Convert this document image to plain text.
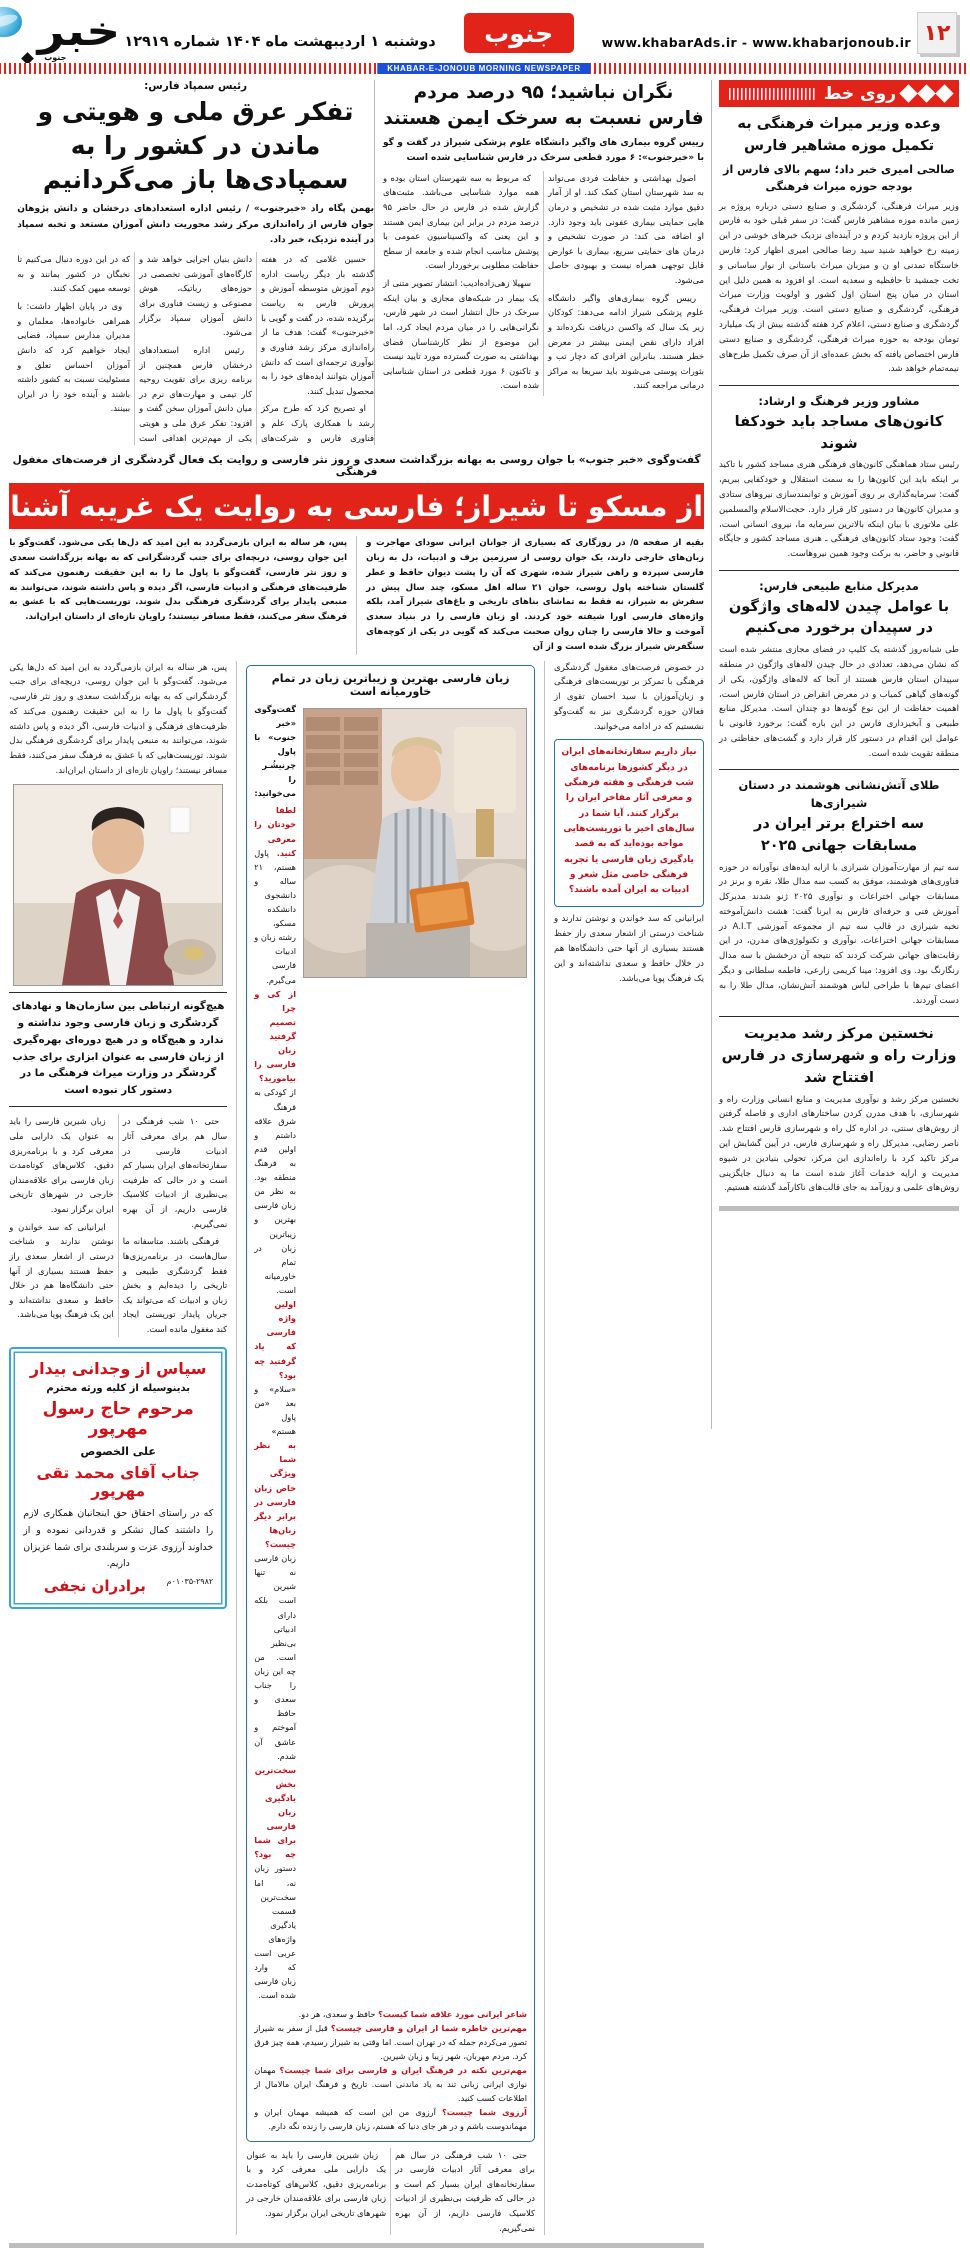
۱۲
www.khabarAds.ir - www.khabarjonoub.ir
جنوب
دوشنبه ۱ اردیبهشت ماه ۱۴۰۴ شماره ۱۲۹۱۹
خبر
جنوب
KHABAR-E-JONOUB MORNING NEWSPAPER
روی خط
وعده وزیر میراث فرهنگی به تکمیل موزه مشاهیر فارس
صالحی امیری خبر داد؛ سهم بالای فارس از بودجه حوزه میراث فرهنگی
وزیر میراث فرهنگی، گردشگری و صنایع دستی درباره پروژه بر زمین مانده موزه مشاهیر فارس گفت: در سفر قبلی خود به فارس از این پروژه بازدید کردم و در آینده‌ای نزدیک خبرهای خوشی در این زمینه رخ خواهید شنید سید رضا صالحی امیری اظهار کرد: فارس خاستگاه تمدنی او ن و میزبان میراث باستانی از نوار ساسانی و تخت جمشید تا حافظیه و سعدیه است. او افزود به همین دلیل این استان در میان پنج استان اول کشور و اولویت وزارت میراث فرهنگی، گردشگری و صنایع دستی است. وزیر میراث فرهنگی، گردشگری و صنایع دستی، اعلام کرد هفته گذشته بیش از یک میلیارد تومان بودجه به حوزه میراث فرهنگی، گردشگری و صنایع دستی فارس اختصاص یافته که بخش عمده‌ای از آن صرف تکمیل طرح‌های نیمه‌تمام خواهد شد.
مشاور وزیر فرهنگ و ارشاد:
کانون‌های مساجد باید خودکفا شوند
رئیس ستاد هماهنگی کانون‌های فرهنگی هنری مساجد کشور با تاکید بر اینکه باید این کانون‌ها را به سمت استقلال و خودکفایی ببریم، گفت: سرمایه‌گذاری بر روی آموزش و توانمندسازی نیروهای ستادی و مدیران کانون‌ها در دستور کار قرار دارد. حجت‌الاسلام والمسلمین علی ملاتوری با بیان اینکه بالاترین سرمایه ما، نیروی انسانی است، گفت: وجود ستاد کانون‌های فرهنگی ـ هنری مساجد کشور و جایگاه قانونی و حاضر، به برکت وجود همین نیروهاست.
مدیرکل منابع طبیعی فارس:
با عوامل چیدن لاله‌های واژگون در سپیدان برخورد می‌کنیم
طی شبانه‌روز گذشته یک کلیپ در فضای مجازی منتشر شده است که نشان می‌دهد، تعدادی در حال چیدن لاله‌های واژگون در منطقه سپیدان استان فارس هستند از آنجا که لاله‌های واژگون، یکی از گونه‌های گیاهی کمیاب و در معرض انقراض در استان فارس است، اهمیت حفاظت از این نوع گونه‌ها دو چندان است. مدیرکل منابع طبیعی و آبخیزداری فارس در این باره گفت: برخورد قانونی با عوامل این اقدام در دستور کار قرار دارد و گشت‌های حفاظتی در منطقه تقویت شده است.
طلای آتش‌نشانی هوشمند در دستان شیرازی‌ها
سه اختراع برتر ایران در مسابقات جهانی ۲۰۲۵
سه تیم از مهارت‌آموزان شیرازی با ارایه ایده‌های نوآورانه در حوزه فناوری‌های هوشمند، موفق به کسب سه مدال طلا، نقره و برنز در مسابقات جهانی اختراعات و نوآوری ۲۰۲۵ ژنو شدند مدیرکل آموزش فنی و حرفه‌ای فارس به ایرنا گفت: هشت دانش‌آموخته نخبه شیرازی در قالب سه تیم از مجموعه آموزشی A.I.T در مسابقات جهانی اختراعات، نوآوری و تکنولوژی‌های مدرن، در این رقابت‌های جهانی شرکت کردند که نتیجه آن درخشش با سه مدال رنگارنگ بود. وی افزود: مینا کریمی زارعی، فاطمه سلطانی و دیگر اعضای تیم‌ها با طراحی لباس هوشمند آتش‌نشان، مدال طلا را به دست آوردند.
نخستین مرکز رشد مدیریت وزارت راه و شهرسازی در فارس افتتاح شد
نخستین مرکز رشد و نوآوری مدیریت و منابع انسانی وزارت راه و شهرسازی، با هدف مدرن کردن ساختارهای اداری و فاصله گرفتن از روش‌های سنتی، در اداره کل راه و شهرسازی فارس افتتاح شد. ناصر رضایی، مدیرکل راه و شهرسازی فارس، در آیین گشایش این مرکز تاکید کرد با راه‌اندازی این مرکز، تحولی بنیادین در شیوه مدیریت و ارایه خدمات آغاز شده است ما به دنبال جایگزینی روش‌های علمی و روزآمد به جای قالب‌های ناکارآمد گذشته هستیم.
نگران نباشید؛ ۹۵ درصد مردم فارس نسبت به سرخک ایمن هستند
رییس گروه بیماری های واگیر دانشگاه علوم پزشکی شیراز در گفت و گو با «خبرجنوب»: ۶ مورد قطعی سرخک در فارس شناسایی شده است

اصول بهداشتی و حفاظت فردی می‌تواند به سد شهرستان استان کمک کند. او از آمار دقیق موارد مثبت شده در تشخیص و درمان هایی حمایتی بیماری عفونی باید وجود دارد. او اضافه می کند: در صورت تشخیص و درمان های حمایتی سریع، بیماری با عوارض قابل توجهی همراه نیست و بهبودی حاصل می‌شود.

رییس گروه بیماری‌های واگیر دانشگاه علوم پزشکی شیراز ادامه می‌دهد: کودکان زیر یک سال که واکسن دریافت نکرده‌اند و افراد دارای نقص ایمنی بیشتر در معرض خطر هستند. بنابراین افرادی که دچار تب و بثورات پوستی می‌شوند باید سریعا به مراکز درمانی مراجعه کنند.

که مربوط به سه شهرستان استان بوده و همه موارد شناسایی می‌باشد. مثبت‌های گزارش شده در فارس در حال حاضر ۹۵ درصد مردم در برابر این بیماری ایمن هستند و این یعنی که واکسیناسیون عمومی با پوشش مناسب انجام شده و جامعه از سطح حفاظت مطلوبی برخوردار است.

سهیلا زهی‌زاده‌ادیب: انتشار تصویر متنی از یک بیمار در شبکه‌های مجازی و بیان اینکه سرخک در حال انتشار است در شهر فارس، نگرانی‌هایی را در میان مردم ایجاد کرد، اما این موضوع از نظر کارشناسان قضای بهداشتی به صورت گسترده مورد تایید نیست و تاکنون ۶ مورد قطعی در استان شناسایی شده است.

رئیس سمپاد فارس:
تفکر عرق ملی و هویتی و ماندن در کشور را به سمپادی‌ها باز می‌گردانیم
بهمن پگاه راد «خبرجنوب» / رئیس اداره استعدادهای درخشان و دانش پژوهان جوان فارس از راه‌اندازی مرکز رشد محوریت دانش آموزان مستعد و تخبه سمپاد در آینده نزدیک، خبر داد.

حسین غلامی که در هفته گذشته بار دیگر ریاست اداره دوم آموزش متوسطه آموزش و پرورش فارس به ریاست برگزیده شده، در گفت و گویی با «خبرجنوب» گفت: هدف ما از راه‌اندازی مرکز رشد فناوری و نوآوری ترجمه‌ای است که دانش آموزان بتوانند ایده‌های خود را به محصول تبدیل کنند.

او تصریح کرد که طرح مرکز رشد با همکاری پارک علم و فناوری فارس و شرکت‌های دانش بنیان اجرایی خواهد شد و کارگاه‌های آموزشی تخصصی در حوزه‌های رباتیک، هوش مصنوعی و زیست فناوری برای دانش آموزان سمپاد برگزار می‌شود.

رئیس اداره استعدادهای درخشان فارس همچنین از برنامه ریزی برای تقویت روحیه کار تیمی و مهارت‌های نرم در میان دانش آموزان سخن گفت و افزود: تفکر عرق ملی و هویتی یکی از مهم‌ترین اهدافی است که در این دوره دنبال می‌کنیم تا نخبگان در کشور بمانند و به توسعه میهن کمک کنند.

وی در پایان اظهار داشت: با همراهی خانواده‌ها، معلمان و مدیران مدارس سمپاد، فضایی ایجاد خواهیم کرد که دانش آموزان احساس تعلق و مسئولیت نسبت به کشور داشته باشند و آینده خود را در ایران ببینند.

گفت‌وگوی «خبر جنوب» با جوان روسی به بهانه بزرگداشت سعدی و روز نثر فارسی و روایت یک فعال گردشگری از فرصت‌های مغفول فرهنگی
از مسکو تا شیراز؛ فارسی به روایت یک غریبه آشنا
بقیه از صفحه ۵/ در روزگاری که بسیاری از جوانان ایرانی سودای مهاجرت و زبان‌های خارجی دارند، یک جوان روسی از سرزمین برف و ادبیات، دل به زبان فارسی سپرده و راهی شیراز شده، شهری که آن را پشت دیوان حافظ و عطر گلستان شناخته پاول روسی، جوان ۲۱ ساله اهل مسکو، چند سال پیش در سفرش به شیراز، نه فقط به تماشای بناهای تاریخی و باغ‌های شیراز آمد، بلکه واژه‌های فارسی اورا شیفته خود کردند. او زبان فارسی را در بنیاد سعدی آموخت و حالا فارسی را چنان روان صحبت می‌کند که گویی در یکی از کوچه‌های سنگفرش شیراز بزرگ شده است و از آن
پس، هر ساله به ایران بازمی‌گردد به این امید که دل‌ها یکی می‌شود. گفت‌وگو با این جوان روسی، دریچه‌ای برای جنب گردشگرانی که به بهانه بزرگداشت سعدی و روز نثر فارسی، گفت‌وگو با پاول ما را به این حقیقت رهنمون می‌کند که ظرفیت‌های فرهنگی و ادبیات فارسی، اگر دیده و پاس داشته شوند، می‌توانند به منبعی پایدار برای گردشگری فرهنگی بدل شوند. توریست‌هایی که با عشق به فرهنگ سفر می‌کنند، فقط مسافر نیستند؛ راویان تازه‌ای از داستان ایران‌اند.
در خصوص فرصت‌های مغفول گردشگری فرهنگی با تمرکز بر توریست‌های فرهنگی و زبان‌آموزان با سید احسان تقوی از فعالان حوزه گردشگری نیز به گفت‌وگو نشستیم که در ادامه می‌خوانید.
نیاز داریم سفارتخانه‌های ایران در دیگر کشورها برنامه‌های شب فرهنگی و هفته فرهنگی و معرفی آثار مفاخر ایران را برگزار کنند. آیا شما در سال‌های اخیر با توریست‌هایی مواجه بوده‌اید که به قصد یادگیری زبان فارسی یا تجربه فرهنگی خاصی مثل شعر و ادبیات به ایران آمده باشند؟
ایرانیانی که سد خواندن و نوشتن ندارند و شناخت درستی از اشعار سعدی راز حفظ هستند بسیاری از آنها حتی دانشگاه‌ها هم در خلال حافظ و سعدی نداشته‌اند و این یک فرهنگ پویا می‌باشد.
زبان فارسی بهترین و زیباترین زبان در تمام خاورمیانه است
گفت‌وگوی «خبر جنوب» با پاول چرنیشُـر را می‌خوانید:
لطفا خودتان را معرفی کنید. پاول هستم، ۲۱ ساله و دانشجوی دانشکده مسکو، رشته زبان و ادبیات فارسی می‌گیرم.
از کی و چرا تصمیم گرفتید زبان فارسی را بیاموزید؟ از کودکی به فرهنگ شرق علاقه داشتم و اولین قدم به فرهنگ منطقه بود. به نظر من زبان فارسی بهترین و زیباترین زبان در تمام خاورمیانه است.
اولین واژه فارسی که یاد گرفتید چه بود؟ «سلام» و بعد «من پاول هستم»
به نظر شما ویژگی خاص زبان فارسی در برابر دیگر زبان‌ها چیست؟ زبان فارسی نه تنها شیرین است بلکه دارای ادبیاتی بی‌نظیر است. من چه این زبان را جناب سعدی و حافظ آموختم و عاشق آن شدم.
سخت‌ترین بخش یادگیری زبان فارسی برای شما چه بود؟ دستور زبان نه، اما سخت‌ترین قسمت یادگیری واژه‌های عربی است که وارد زبان فارسی شده است.
شاعر ایرانی مورد علاقه شما کیست؟ حافظ و سعدی، هر دو.
مهم‌ترین خاطره شما از ایران و فارسی چیست؟ قبل از سفر به شیراز تصور می‌کردم جمله که در تهران است. اما وقتی به شیراز رسیدم، همه چیز فرق کرد. مردم مهربان، شهر زیبا و زبان شیرین.
مهم‌ترین نکته در فرهنگ ایران و فارسی برای شما چیست؟ مهمان نوازی ایرانی زبانی تند به یاد ماندنی است. تاریخ و فرهنگ ایران مالامال از اطلاعات کسب کنید.
آرزوی شما چیست؟ آرزوی من این است که همیشه مهمان ایران و مهماندوست باشم و در هر جای دنیا که هستم، زبان فارسی را زنده نگه دارم.

حتی ۱۰ شب فرهنگی در سال هم برای معرفی آثار ادبیات فارسی در سفارتخانه‌های ایران بسیار کم است و در حالی که ظرفیت بی‌نظیری از ادبیات کلاسیک فارسی داریم، از آن بهره نمی‌گیریم.

زبان شیرین فارسی را باید به عنوان یک دارایی ملی معرفی کرد و با برنامه‌ریزی دقیق، کلاس‌های کوتاه‌مدت زبان فارسی برای علاقه‌مندان خارجی در شهرهای تاریخی ایران برگزار نمود.

پس، هر ساله به ایران بازمی‌گردد به این امید که دل‌ها یکی می‌شود. گفت‌وگو با این جوان روسی، دریچه‌ای برای جنب گردشگرانی که به بهانه بزرگداشت سعدی و روز نثر فارسی، گفت‌وگو با پاول ما را به این حقیقت رهنمون می‌کند که ظرفیت‌های فرهنگی و ادبیات فارسی، اگر دیده و پاس داشته شوند، می‌توانند به منبعی پایدار برای گردشگری فرهنگی بدل شوند. توریست‌هایی که با عشق به فرهنگ سفر می‌کنند، فقط مسافر نیستند؛ راویان تازه‌ای از داستان ایران‌اند.
هیچ‌گونه ارتباطی بین سازمان‌ها و نهادهای گردشگری و زبان فارسی وجود نداشته و ندارد و هیچ‌گاه و در هیچ دوره‌ای بهره‌گیری از زبان فارسی به عنوان ابزاری برای جذب گردشگر در وزارت میراث فرهنگی ما در دستور کار نبوده است

حتی ۱۰ شب فرهنگی در سال هم برای معرفی آثار ادبیات فارسی در سفارتخانه‌های ایران بسیار کم است و در حالی که ظرفیت بی‌نظیری از ادبیات کلاسیک فارسی داریم، از آن بهره نمی‌گیریم.

فرهنگی باشند. متاسفانه ما سال‌هاست در برنامه‌ریزی‌ها فقط گردشگری طبیعی و تاریخی را دیده‌ایم و بخش زبان و ادبیات که می‌تواند یک جریان پایدار توریستی ایجاد کند مغفول مانده است.

زبان شیرین فارسی را باید به عنوان یک دارایی ملی معرفی کرد و با برنامه‌ریزی دقیق، کلاس‌های کوتاه‌مدت زبان فارسی برای علاقه‌مندان خارجی در شهرهای تاریخی ایران برگزار نمود.

ایرانیانی که سد خواندن و نوشتن ندارند و شناخت درستی از اشعار سعدی راز حفظ هستند بسیاری از آنها حتی دانشگاه‌ها هم در خلال حافظ و سعدی نداشته‌اند و این یک فرهنگ پویا می‌باشد.

سپاس از وجدانی بیدار
بدینوسیله از کلیه ورثه محترم
مرحوم حاج رسول مهرپور
علی الخصوص
جناب آقای محمد تقی مهرپور
که در راستای احقاق حق اینجانبان همکاری لازم را داشتند کمال تشکر و قدردانی نموده و از خداوند آرزوی عزت و سربلندی برای شما عزیزان داریم.
۰۱۰۳۵-۲۹۸۲م
برادران نجفی
